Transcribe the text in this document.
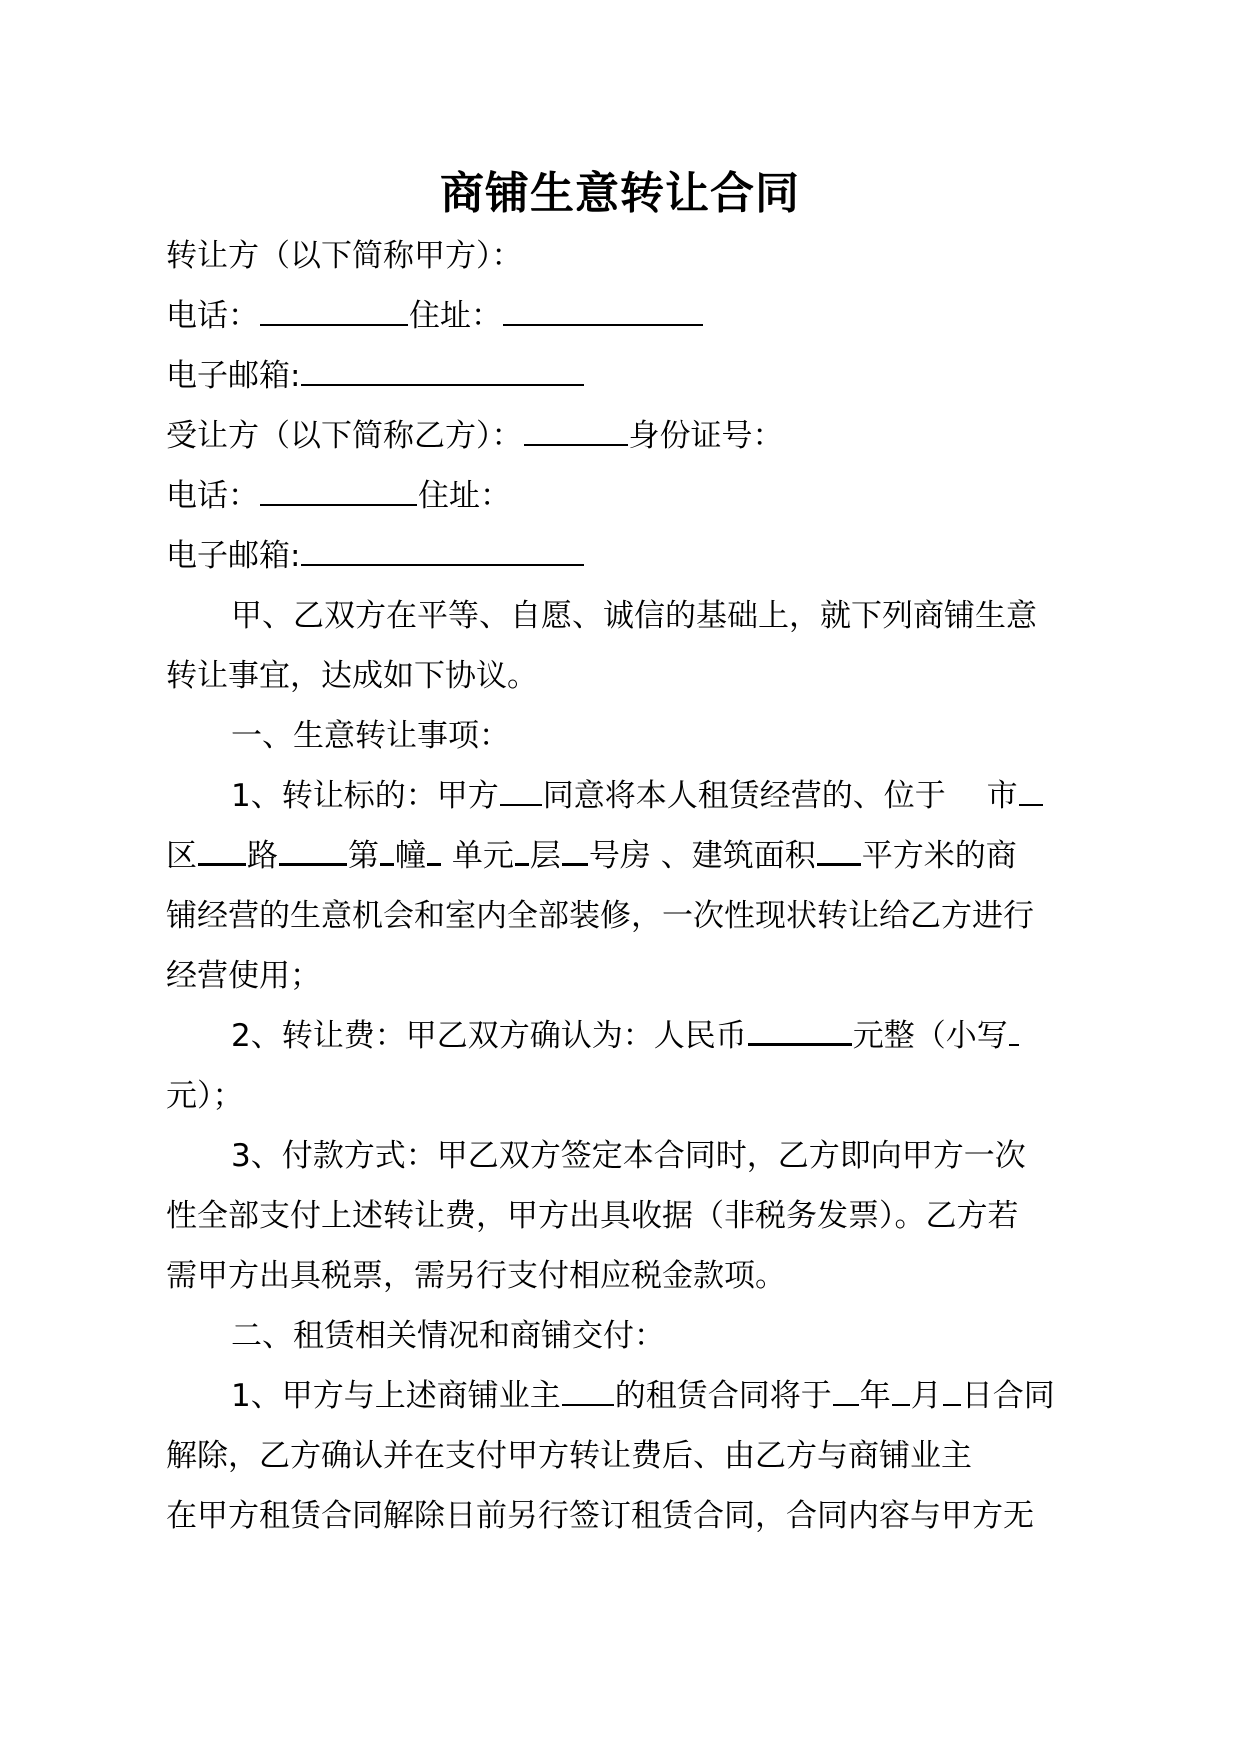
商铺生意转让合同
转让方（以下简称甲方）：
电话：	住址：
电子邮箱:
受让方（以下简称乙方）：	身份证号：
电话：	住址：
电子邮箱:
甲、乙双方在平等、自愿、诚信的基础上，就下列商铺生意
转让事宜，达成如下协议。
一、生意转让事项：
1、转让标的：甲方 同意将本人租赁经营的、位于　 市
区 路 第 幢 单元 层 号房 、建筑面积 平方米的商
铺经营的生意机会和室内全部装修，一次性现状转让给乙方进行
经营使用；
2、转让费：甲乙双方确认为：人民币	元整（小写
元）；
3、付款方式：甲乙双方签定本合同时，乙方即向甲方一次
性全部支付上述转让费，甲方出具收据（非税务发票）。乙方若
需甲方出具税票，需另行支付相应税金款项。
二、租赁相关情况和商铺交付：
1、甲方与上述商铺业主 的租赁合同将于 年 月 日合同
解除，乙方确认并在支付甲方转让费后、由乙方与商铺业主
在甲方租赁合同解除日前另行签订租赁合同，合同内容与甲方无
